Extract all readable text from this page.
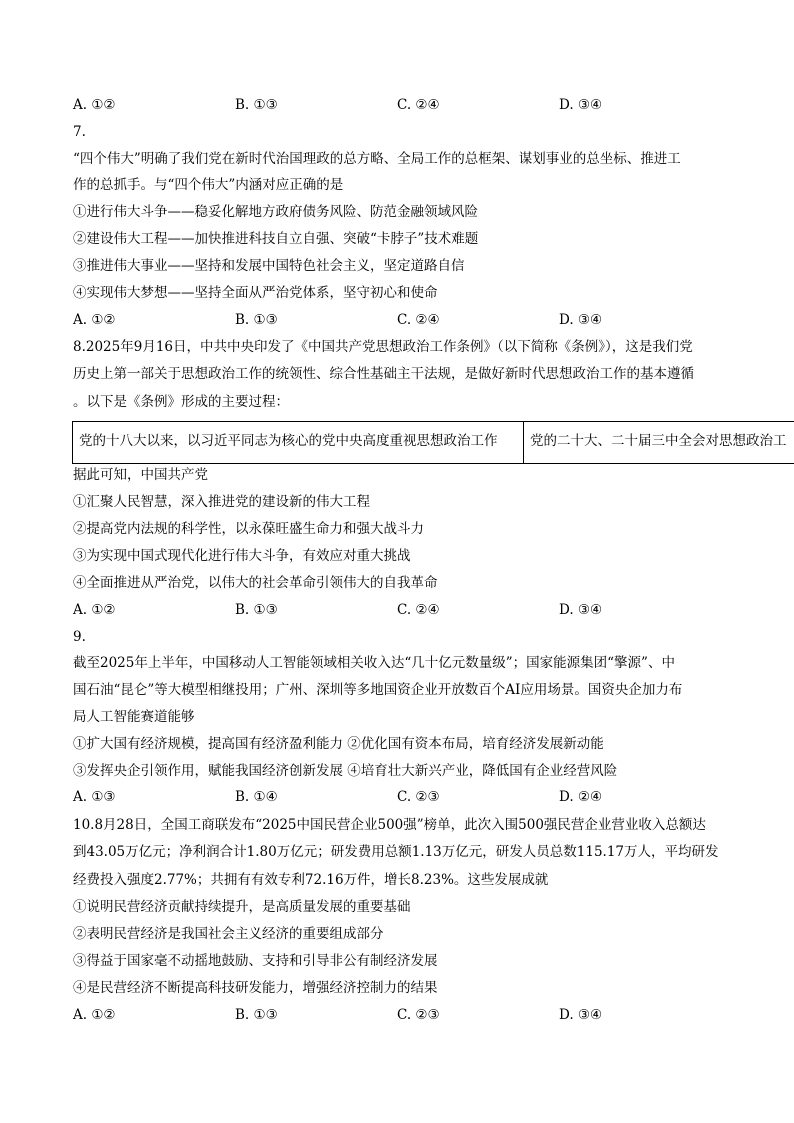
A. ①②	B. ①③	C. ②④	D. ③④
7.
“四个伟大”明确了我们党在新时代治国理政的总方略、全局工作的总框架、谋划事业的总坐标、推进工
作的总抓手。与“四个伟大”内涵对应正确的是
①进行伟大斗争——稳妥化解地方政府债务风险、防范金融领域风险
②建设伟大工程——加快推进科技自立自强、突破“卡脖子”技术难题
③推进伟大事业——坚持和发展中国特色社会主义，坚定道路自信
④实现伟大梦想——坚持全面从严治党体系，坚守初心和使命
A. ①②	B. ①③	C. ②④	D. ③④
8.2025年9月16日，中共中央印发了《中国共产党思想政治工作条例》（以下简称《条例》），这是我们党
历史上第一部关于思想政治工作的统领性、综合性基础主干法规，是做好新时代思想政治工作的基本遵循
。以下是《条例》形成的主要过程：
党的十八大以来，以习近平同志为核心的党中央高度重视思想政治工作	党的二十大、二十届三中全会对思想政治工
据此可知，中国共产党
①汇聚人民智慧，深入推进党的建设新的伟大工程
②提高党内法规的科学性，以永葆旺盛生命力和强大战斗力
③为实现中国式现代化进行伟大斗争，有效应对重大挑战
④全面推进从严治党，以伟大的社会革命引领伟大的自我革命
A. ①②	B. ①③	C. ②④	D. ③④
9.
截至2025年上半年，中国移动人工智能领域相关收入达“几十亿元数量级”；国家能源集团“擎源”、中
国石油“昆仑”等大模型相继投用；广州、深圳等多地国资企业开放数百个AI应用场景。国资央企加力布
局人工智能赛道能够
①扩大国有经济规模，提高国有经济盈利能力 ②优化国有资本布局，培育经济发展新动能
③发挥央企引领作用，赋能我国经济创新发展 ④培育壮大新兴产业，降低国有企业经营风险
A. ①③	B. ①④	C. ②③	D. ②④
10.8月28日，全国工商联发布“2025中国民营企业500强”榜单，此次入围500强民营企业营业收入总额达
到43.05万亿元；净利润合计1.80万亿元；研发费用总额1.13万亿元，研发人员总数115.17万人，平均研发
经费投入强度2.77%；共拥有有效专利72.16万件，增长8.23%。这些发展成就
①说明民营经济贡献持续提升，是高质量发展的重要基础
②表明民营经济是我国社会主义经济的重要组成部分
③得益于国家毫不动摇地鼓励、支持和引导非公有制经济发展
④是民营经济不断提高科技研发能力，增强经济控制力的结果
A. ①②	B. ①③	C. ②③	D. ③④
